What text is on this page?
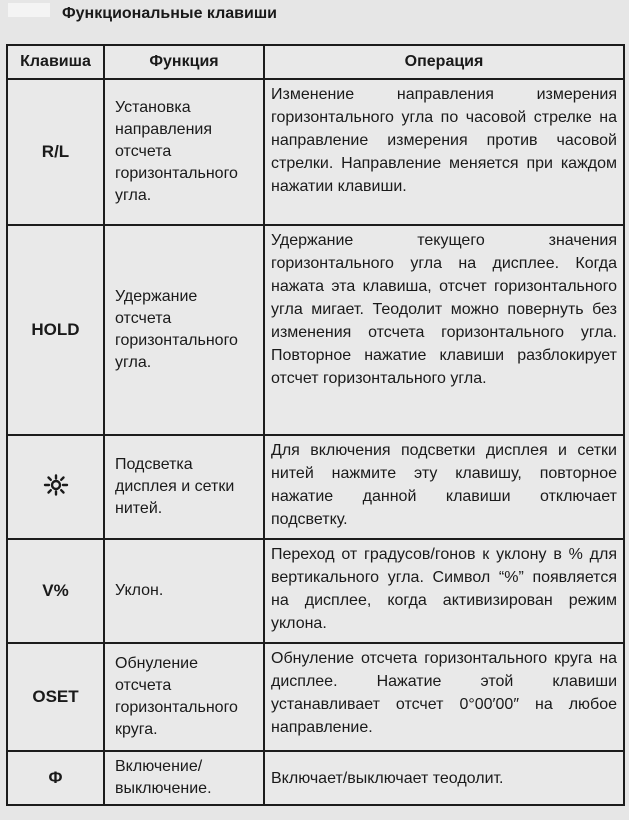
Функциональные клавиши
Клавиша	Функция	Операция
R/L	Установка направления отсчета горизонтального угла.	Изменение направления измерения горизонтального угла по часовой стрелке на направление измерения против часовой стрелки. Направление меняется при каждом нажатии клавиши.
HOLD	Удержание отсчета горизонтального угла.	Удержание текущего значения горизонтального угла на дисплее. Когда нажата эта клавиша, отсчет горизонтального угла мигает. Теодолит можно повернуть без изменения отсчета горизонтального угла. Повторное нажатие клавиши разблокирует отсчет горизонтального угла.
	Подсветка дисплея и сетки нитей.	Для включения подсветки дисплея и сетки нитей нажмите эту клавишу, повторное нажатие данной клавиши отключает подсветку.
V%	Уклон.	Переход от градусов/гонов к уклону в % для вертикального угла. Символ “%” появляется на дисплее, когда активизирован режим уклона.
OSET	Обнуление отсчета горизонтального круга.	Обнуление отсчета горизонтального круга на дисплее. Нажатие этой клавиши устанавливает отсчет 0°00′00″ на любое направление.
Φ	Включение/ выключение.	Включает/выключает теодолит.
